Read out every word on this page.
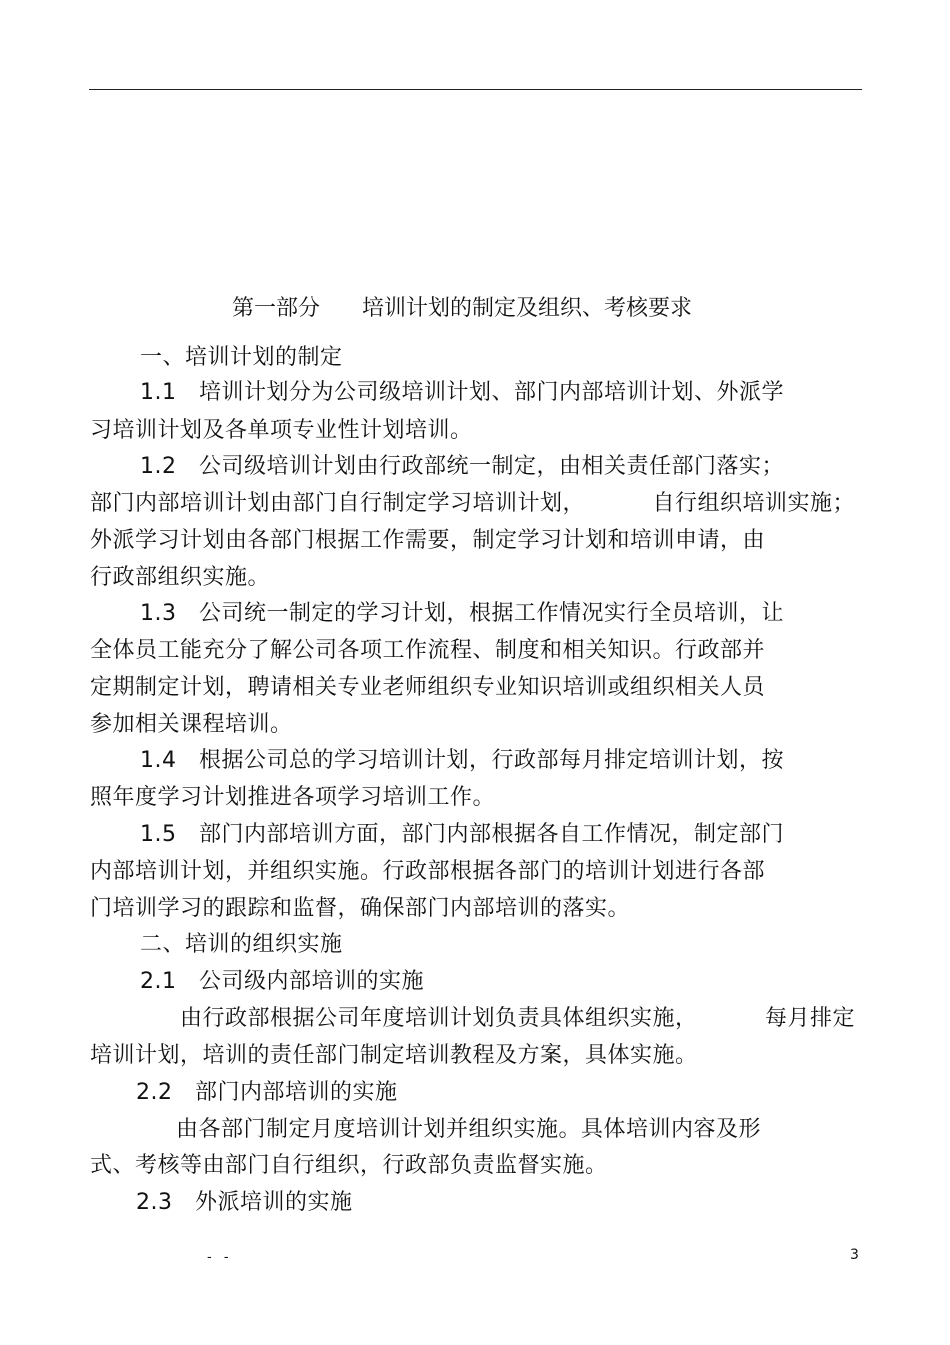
第一部分 培训计划的制定及组织、考核要求

一、培训计划的制定
1.1   培训计划分为公司级培训计划、部门内部培训计划、外派学
习培训计划及各单项专业性计划培训。
1.2   公司级培训计划由行政部统一制定，由相关责任部门落实；
部门内部培训计划由部门自行制定学习培训计划，         自行组织培训实施；
外派学习计划由各部门根据工作需要，制定学习计划和培训申请，由
行政部组织实施。
1.3   公司统一制定的学习计划，根据工作情况实行全员培训，让
全体员工能充分了解公司各项工作流程、制度和相关知识。行政部并
定期制定计划，聘请相关专业老师组织专业知识培训或组织相关人员
参加相关课程培训。
1.4   根据公司总的学习培训计划，行政部每月排定培训计划，按
照年度学习计划推进各项学习培训工作。
1.5   部门内部培训方面，部门内部根据各自工作情况，制定部门
内部培训计划，并组织实施。行政部根据各部门的培训计划进行各部
门培训学习的跟踪和监督，确保部门内部培训的落实。
二、培训的组织实施
2.1   公司级内部培训的实施
由行政部根据公司年度培训计划负责具体组织实施，         每月排定
培训计划，培训的责任部门制定培训教程及方案，具体实施。
2.2   部门内部培训的实施
由各部门制定月度培训计划并组织实施。具体培训内容及形
式、考核等由部门自行组织，行政部负责监督实施。
2.3   外派培训的实施
- -	3
